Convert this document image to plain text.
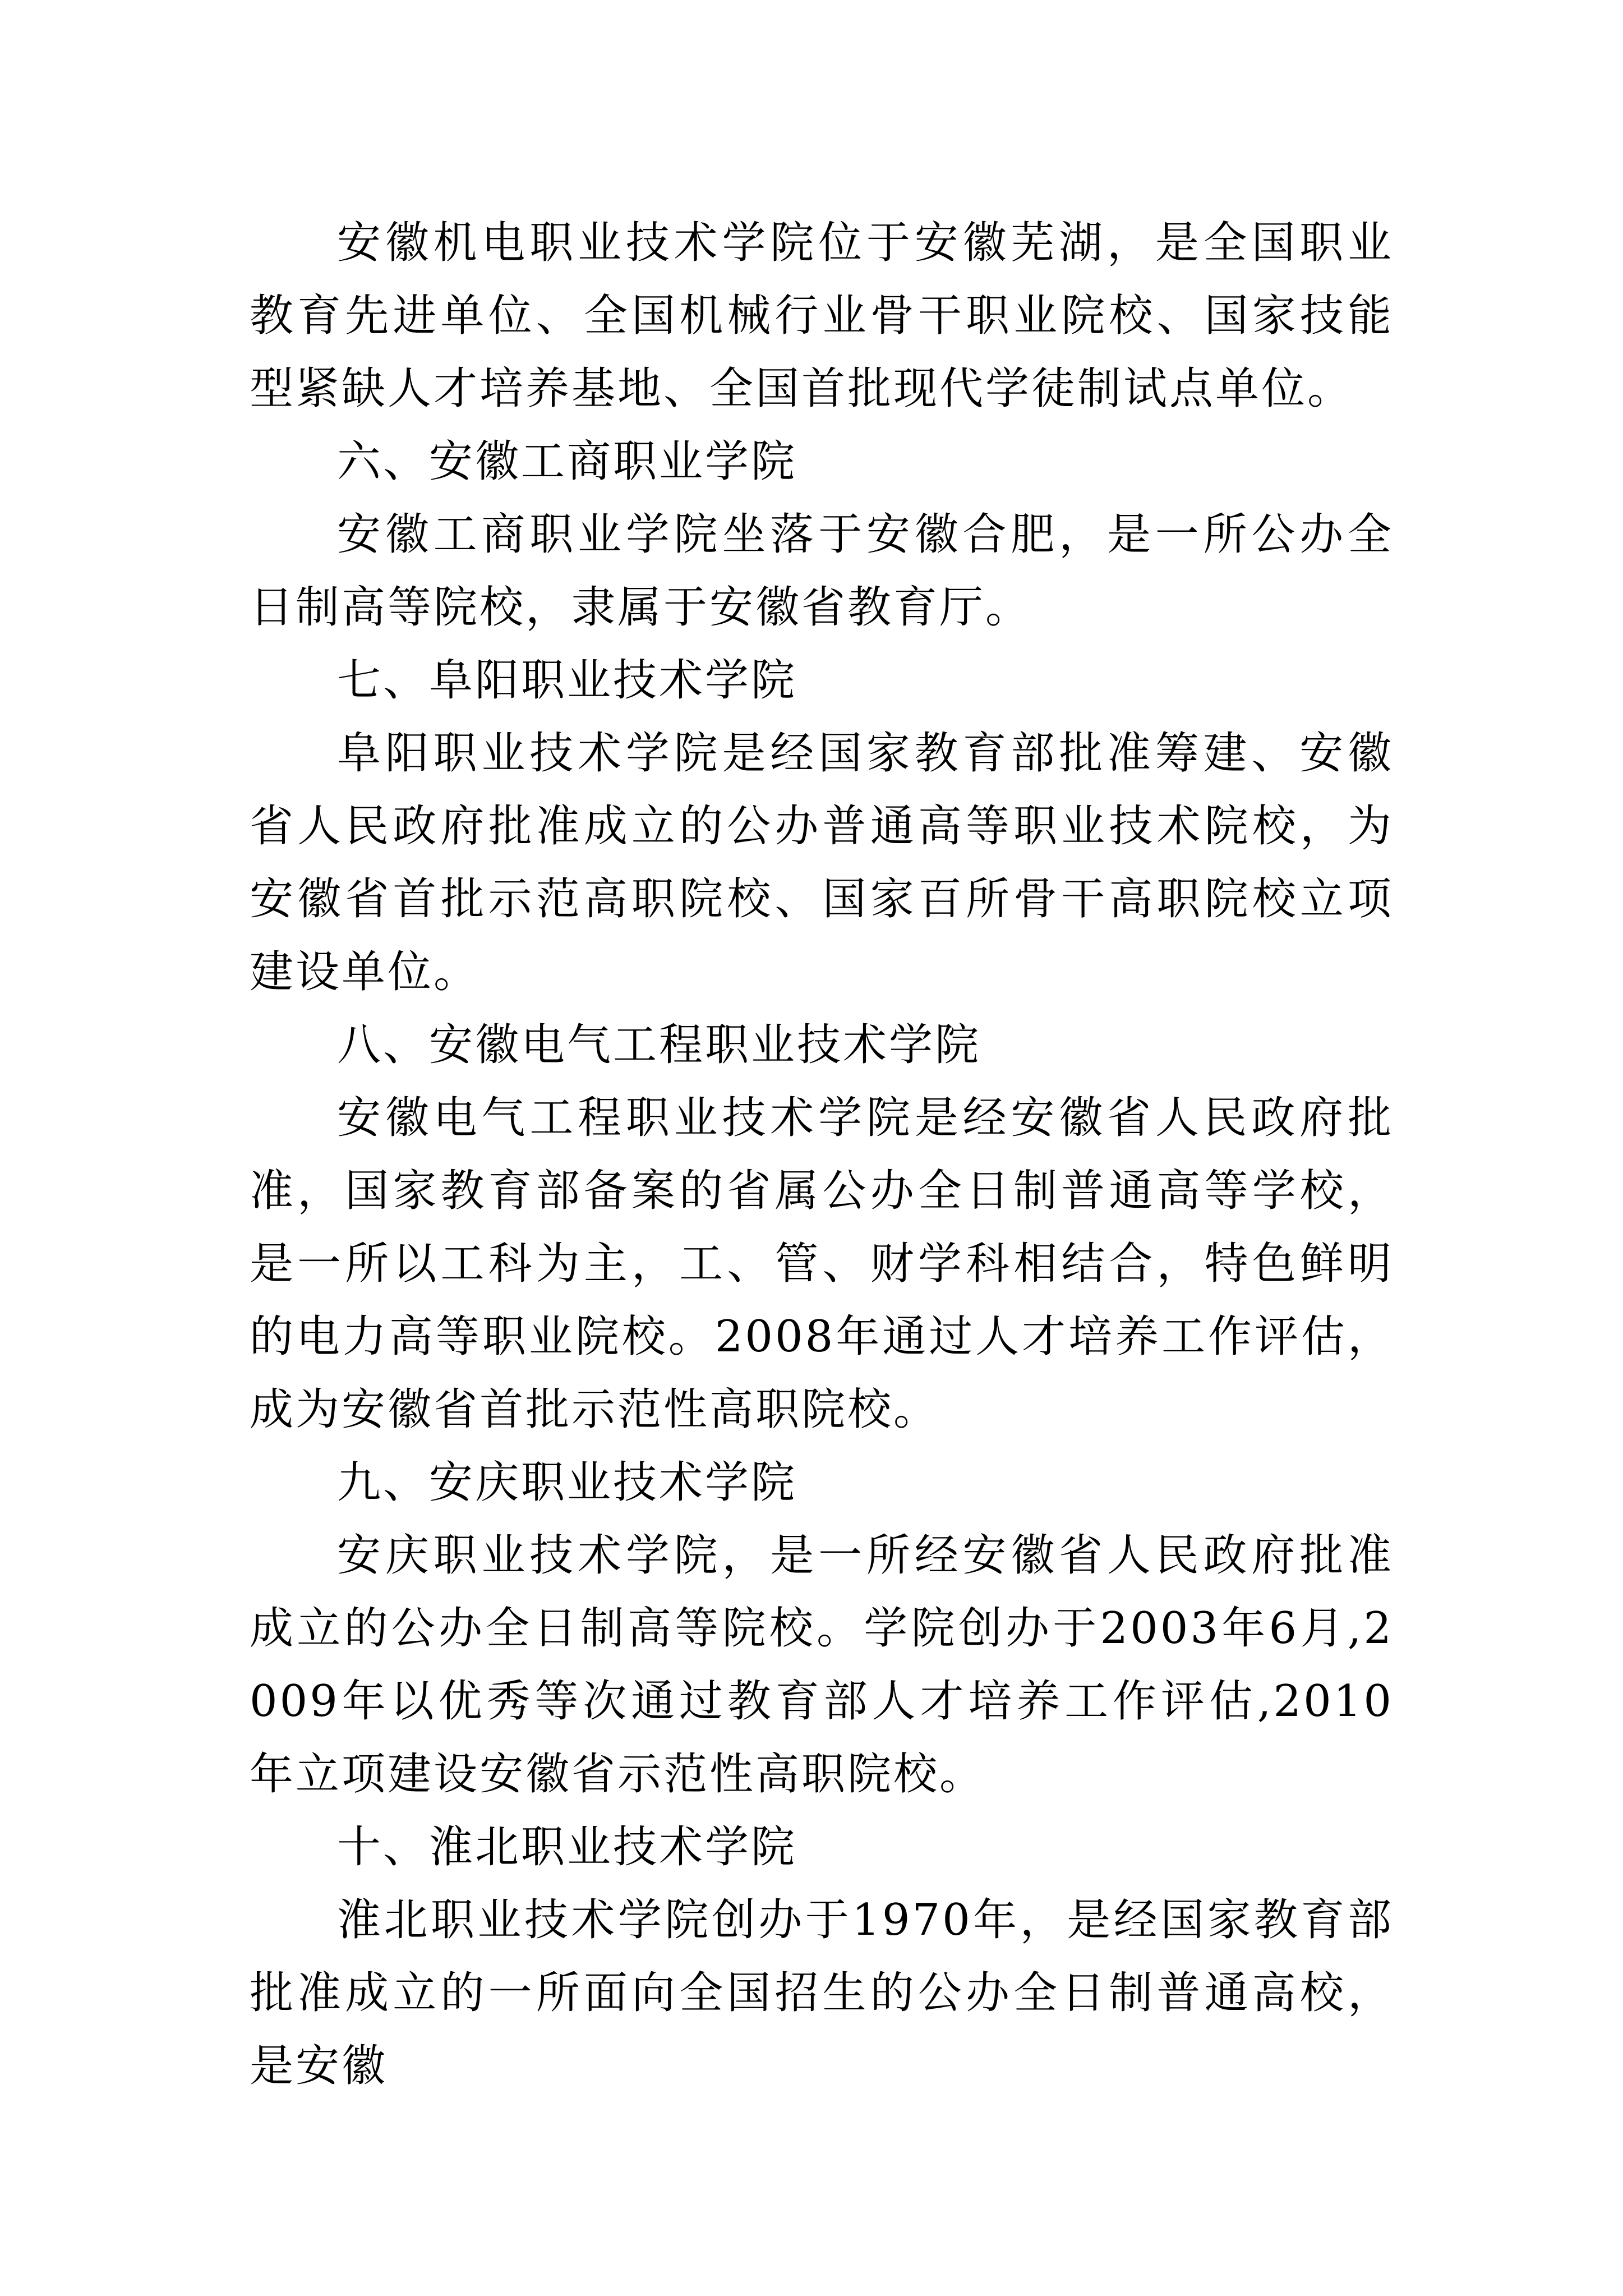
安徽机电职业技术学院位于安徽芜湖，是全国职业教育先进单位、全国机械行业骨干职业院校、国家技能型紧缺人才培养基地、全国首批现代学徒制试点单位。

六、安徽工商职业学院

安徽工商职业学院坐落于安徽合肥，是一所公办全日制高等院校，隶属于安徽省教育厅。

七、阜阳职业技术学院

阜阳职业技术学院是经国家教育部批准筹建、安徽省人民政府批准成立的公办普通高等职业技术院校，为安徽省首批示范高职院校、国家百所骨干高职院校立项建设单位。

八、安徽电气工程职业技术学院

安徽电气工程职业技术学院是经安徽省人民政府批准，国家教育部备案的省属公办全日制普通高等学校，是一所以工科为主，工、管、财学科相结合，特色鲜明的电力高等职业院校。2008年通过人才培养工作评估，成为安徽省首批示范性高职院校。

九、安庆职业技术学院

安庆职业技术学院，是一所经安徽省人民政府批准成立的公办全日制高等院校。学院创办于2003年6月,2009年以优秀等次通过教育部人才培养工作评估,2010年立项建设安徽省示范性高职院校。

十、淮北职业技术学院

淮北职业技术学院创办于1970年，是经国家教育部批准成立的一所面向全国招生的公办全日制普通高校，是安徽
